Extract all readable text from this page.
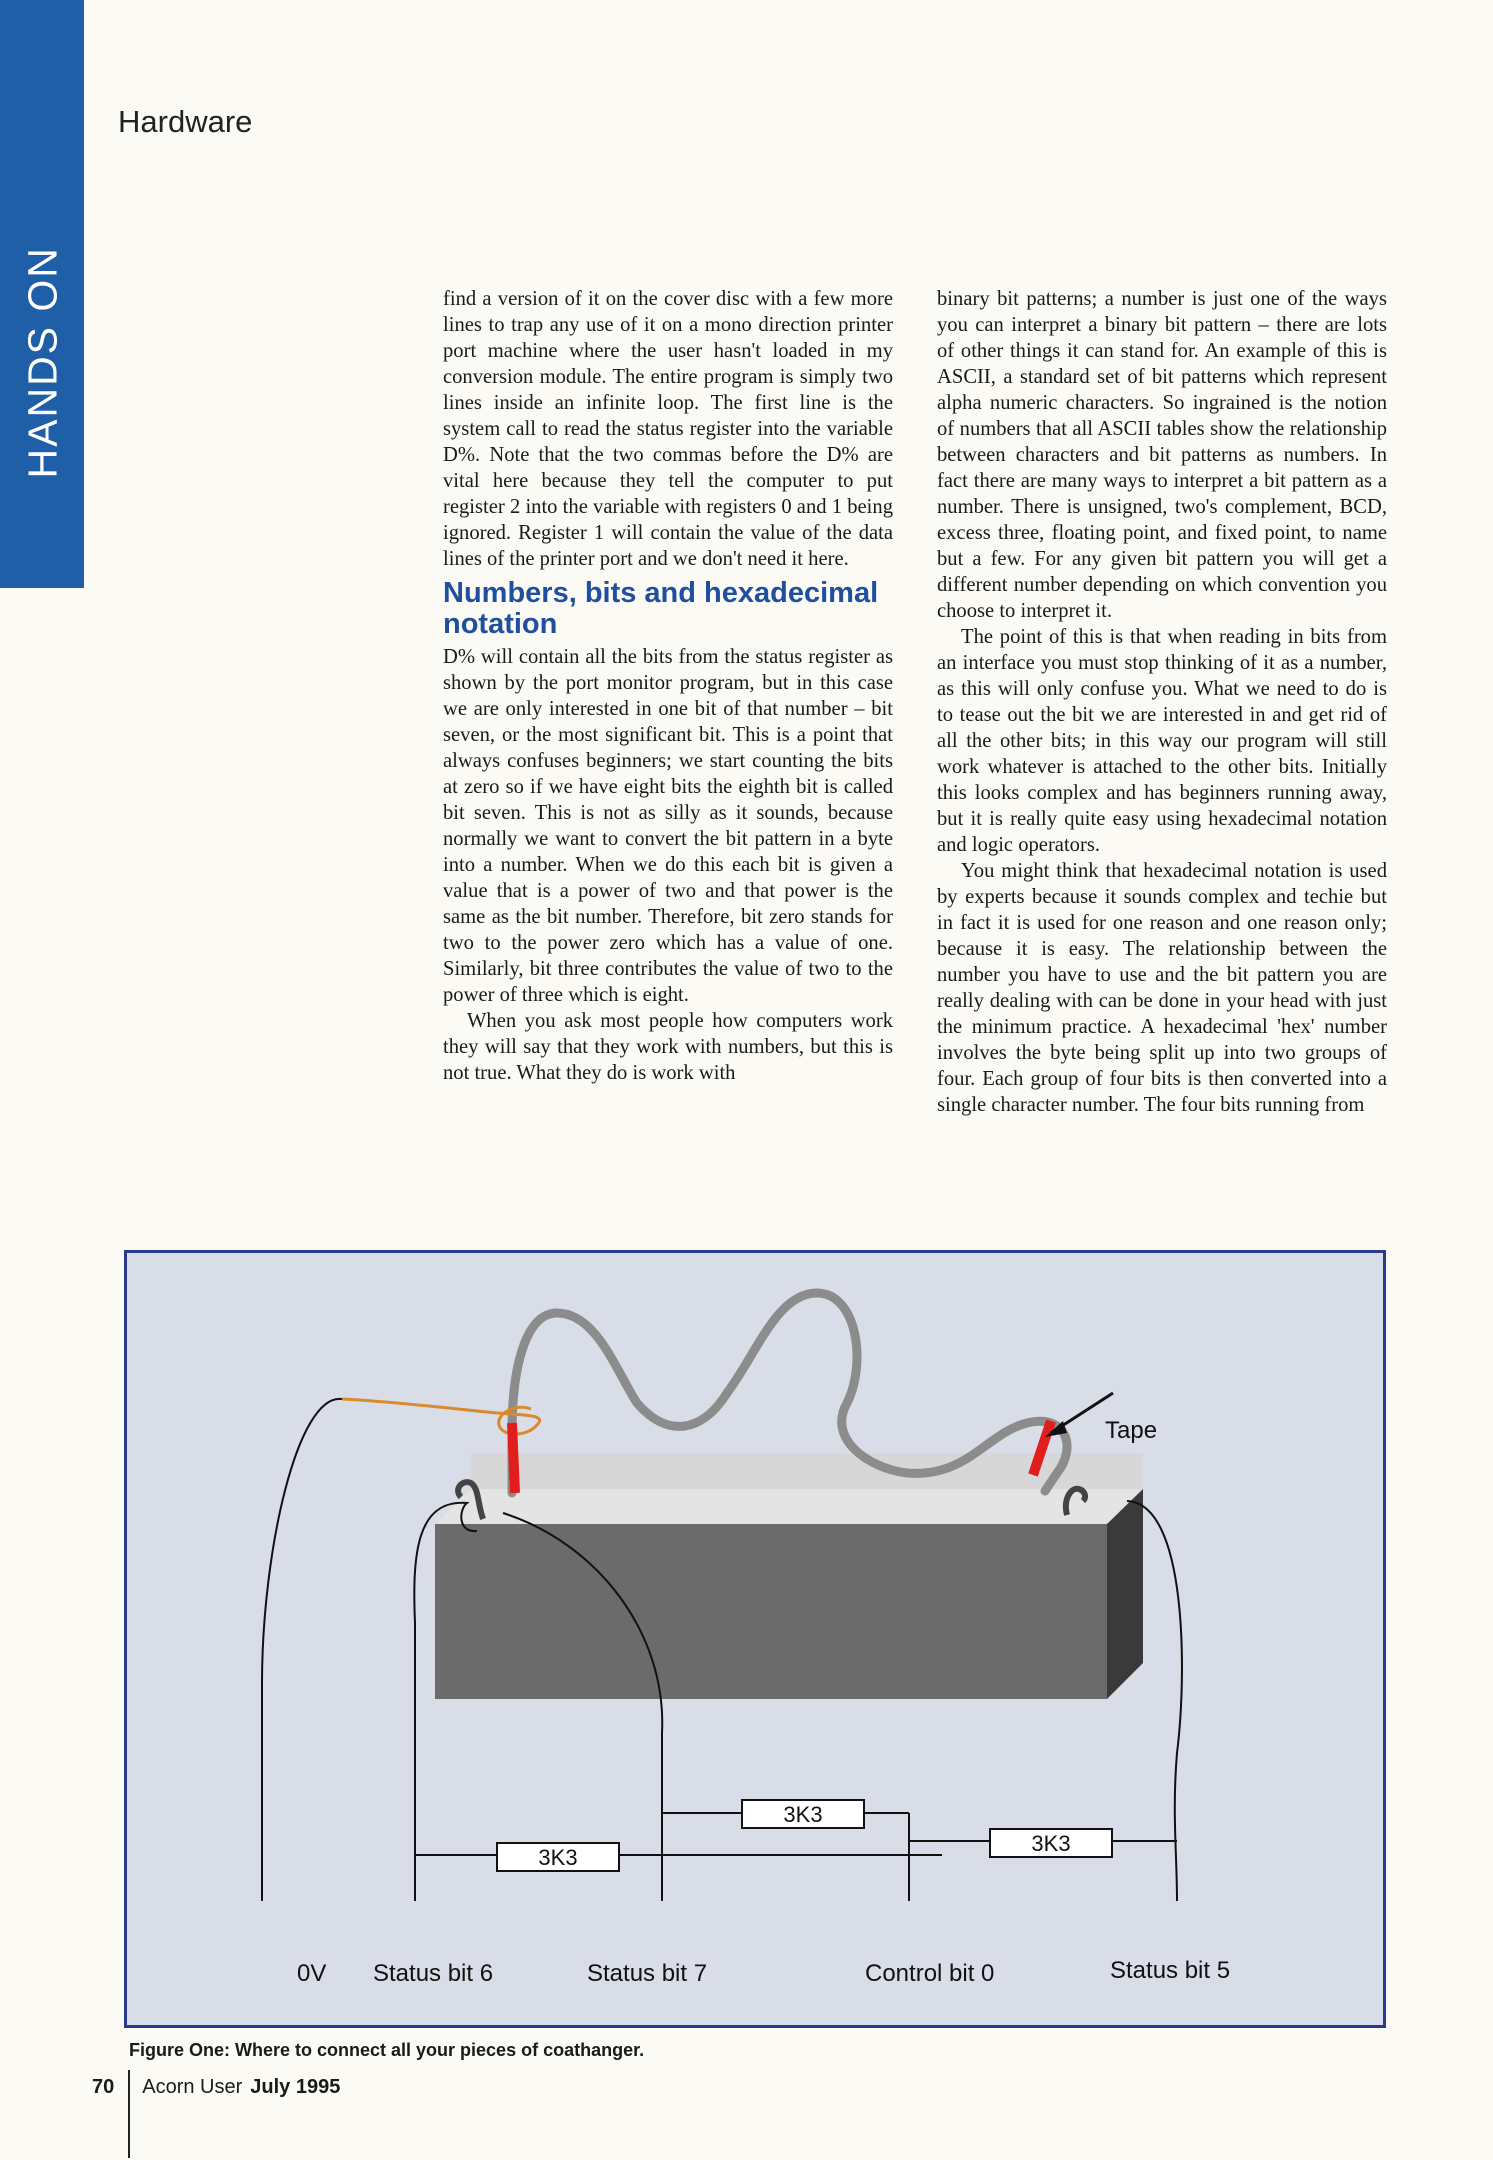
HANDS ON
Hardware

find a version of it on the cover disc with a few more lines to trap any use of it on a mono direction printer port machine where the user hasn't loaded in my conversion module. The entire program is simply two lines inside an infinite loop. The first line is the system call to read the status register into the variable D%. Note that the two commas before the D% are vital here because they tell the computer to put register 2 into the variable with registers 0 and 1 being ignored. Register 1 will contain the value of the data lines of the printer port and we don't need it here.

Numbers, bits and hexadecimal notation

D% will contain all the bits from the status register as shown by the port monitor program, but in this case we are only interested in one bit of that number – bit seven, or the most significant bit. This is a point that always confuses beginners; we start counting the bits at zero so if we have eight bits the eighth bit is called bit seven. This is not as silly as it sounds, because normally we want to convert the bit pattern in a byte into a number. When we do this each bit is given a value that is a power of two and that power is the same as the bit number. Therefore, bit zero stands for two to the power zero which has a value of one. Similarly, bit three contributes the value of two to the power of three which is eight.

When you ask most people how computers work they will say that they work with numbers, but this is not true. What they do is work with

binary bit patterns; a number is just one of the ways you can interpret a binary bit pattern – there are lots of other things it can stand for. An example of this is ASCII, a standard set of bit patterns which represent alpha numeric characters. So ingrained is the notion of numbers that all ASCII tables show the relationship between characters and bit patterns as numbers. In fact there are many ways to interpret a bit pattern as a number. There is unsigned, two's complement, BCD, excess three, floating point, and fixed point, to name but a few. For any given bit pattern you will get a different number depending on which convention you choose to interpret it.

The point of this is that when reading in bits from an interface you must stop thinking of it as a number, as this will only confuse you. What we need to do is to tease out the bit we are interested in and get rid of all the other bits; in this way our program will still work whatever is attached to the other bits. Initially this looks complex and has beginners running away, but it is really quite easy using hexadecimal notation and logic operators.

You might think that hexadecimal notation is used by experts because it sounds complex and techie but in fact it is used for one reason and one reason only; because it is easy. The relationship between the number you have to use and the bit pattern you are really dealing with can be done in your head with just the minimum practice. A hexadecimal 'hex' number involves the byte being split up into two groups of four. Each group of four bits is then converted into a single character number. The four bits running from

Tape
3K3
3K3
3K3
0V Status bit 6	Status bit 7	Control bit 0	Status bit 5
Figure One: Where to connect all your pieces of coathanger.
70 Acorn User July 1995
